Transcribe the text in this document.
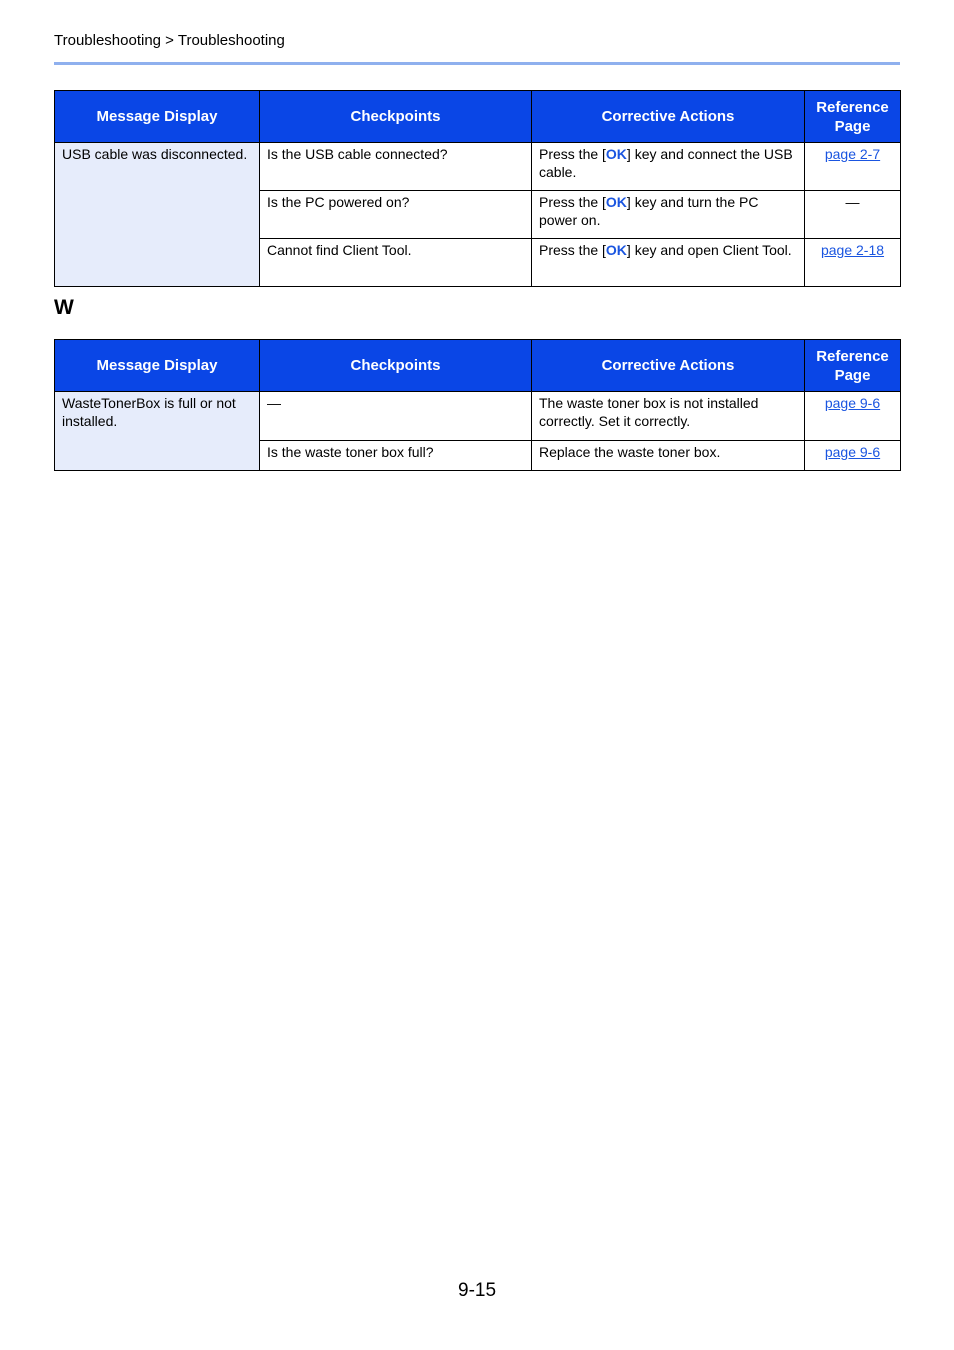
Troubleshooting > Troubleshooting
Message Display	Checkpoints	Corrective Actions	Reference Page
USB cable was disconnected.	Is the USB cable connected?	Press the [OK] key and connect the USB cable.	page 2-7
	Is the PC powered on?	Press the [OK] key and turn the PC power on.	—
	Cannot find Client Tool.	Press the [OK] key and open Client Tool.	page 2-18
W
Message Display	Checkpoints	Corrective Actions	Reference Page
WasteTonerBox is full or not installed.	—	The waste toner box is not installed correctly. Set it correctly.	page 9-6
	Is the waste toner box full?	Replace the waste toner box.	page 9-6
9-15
